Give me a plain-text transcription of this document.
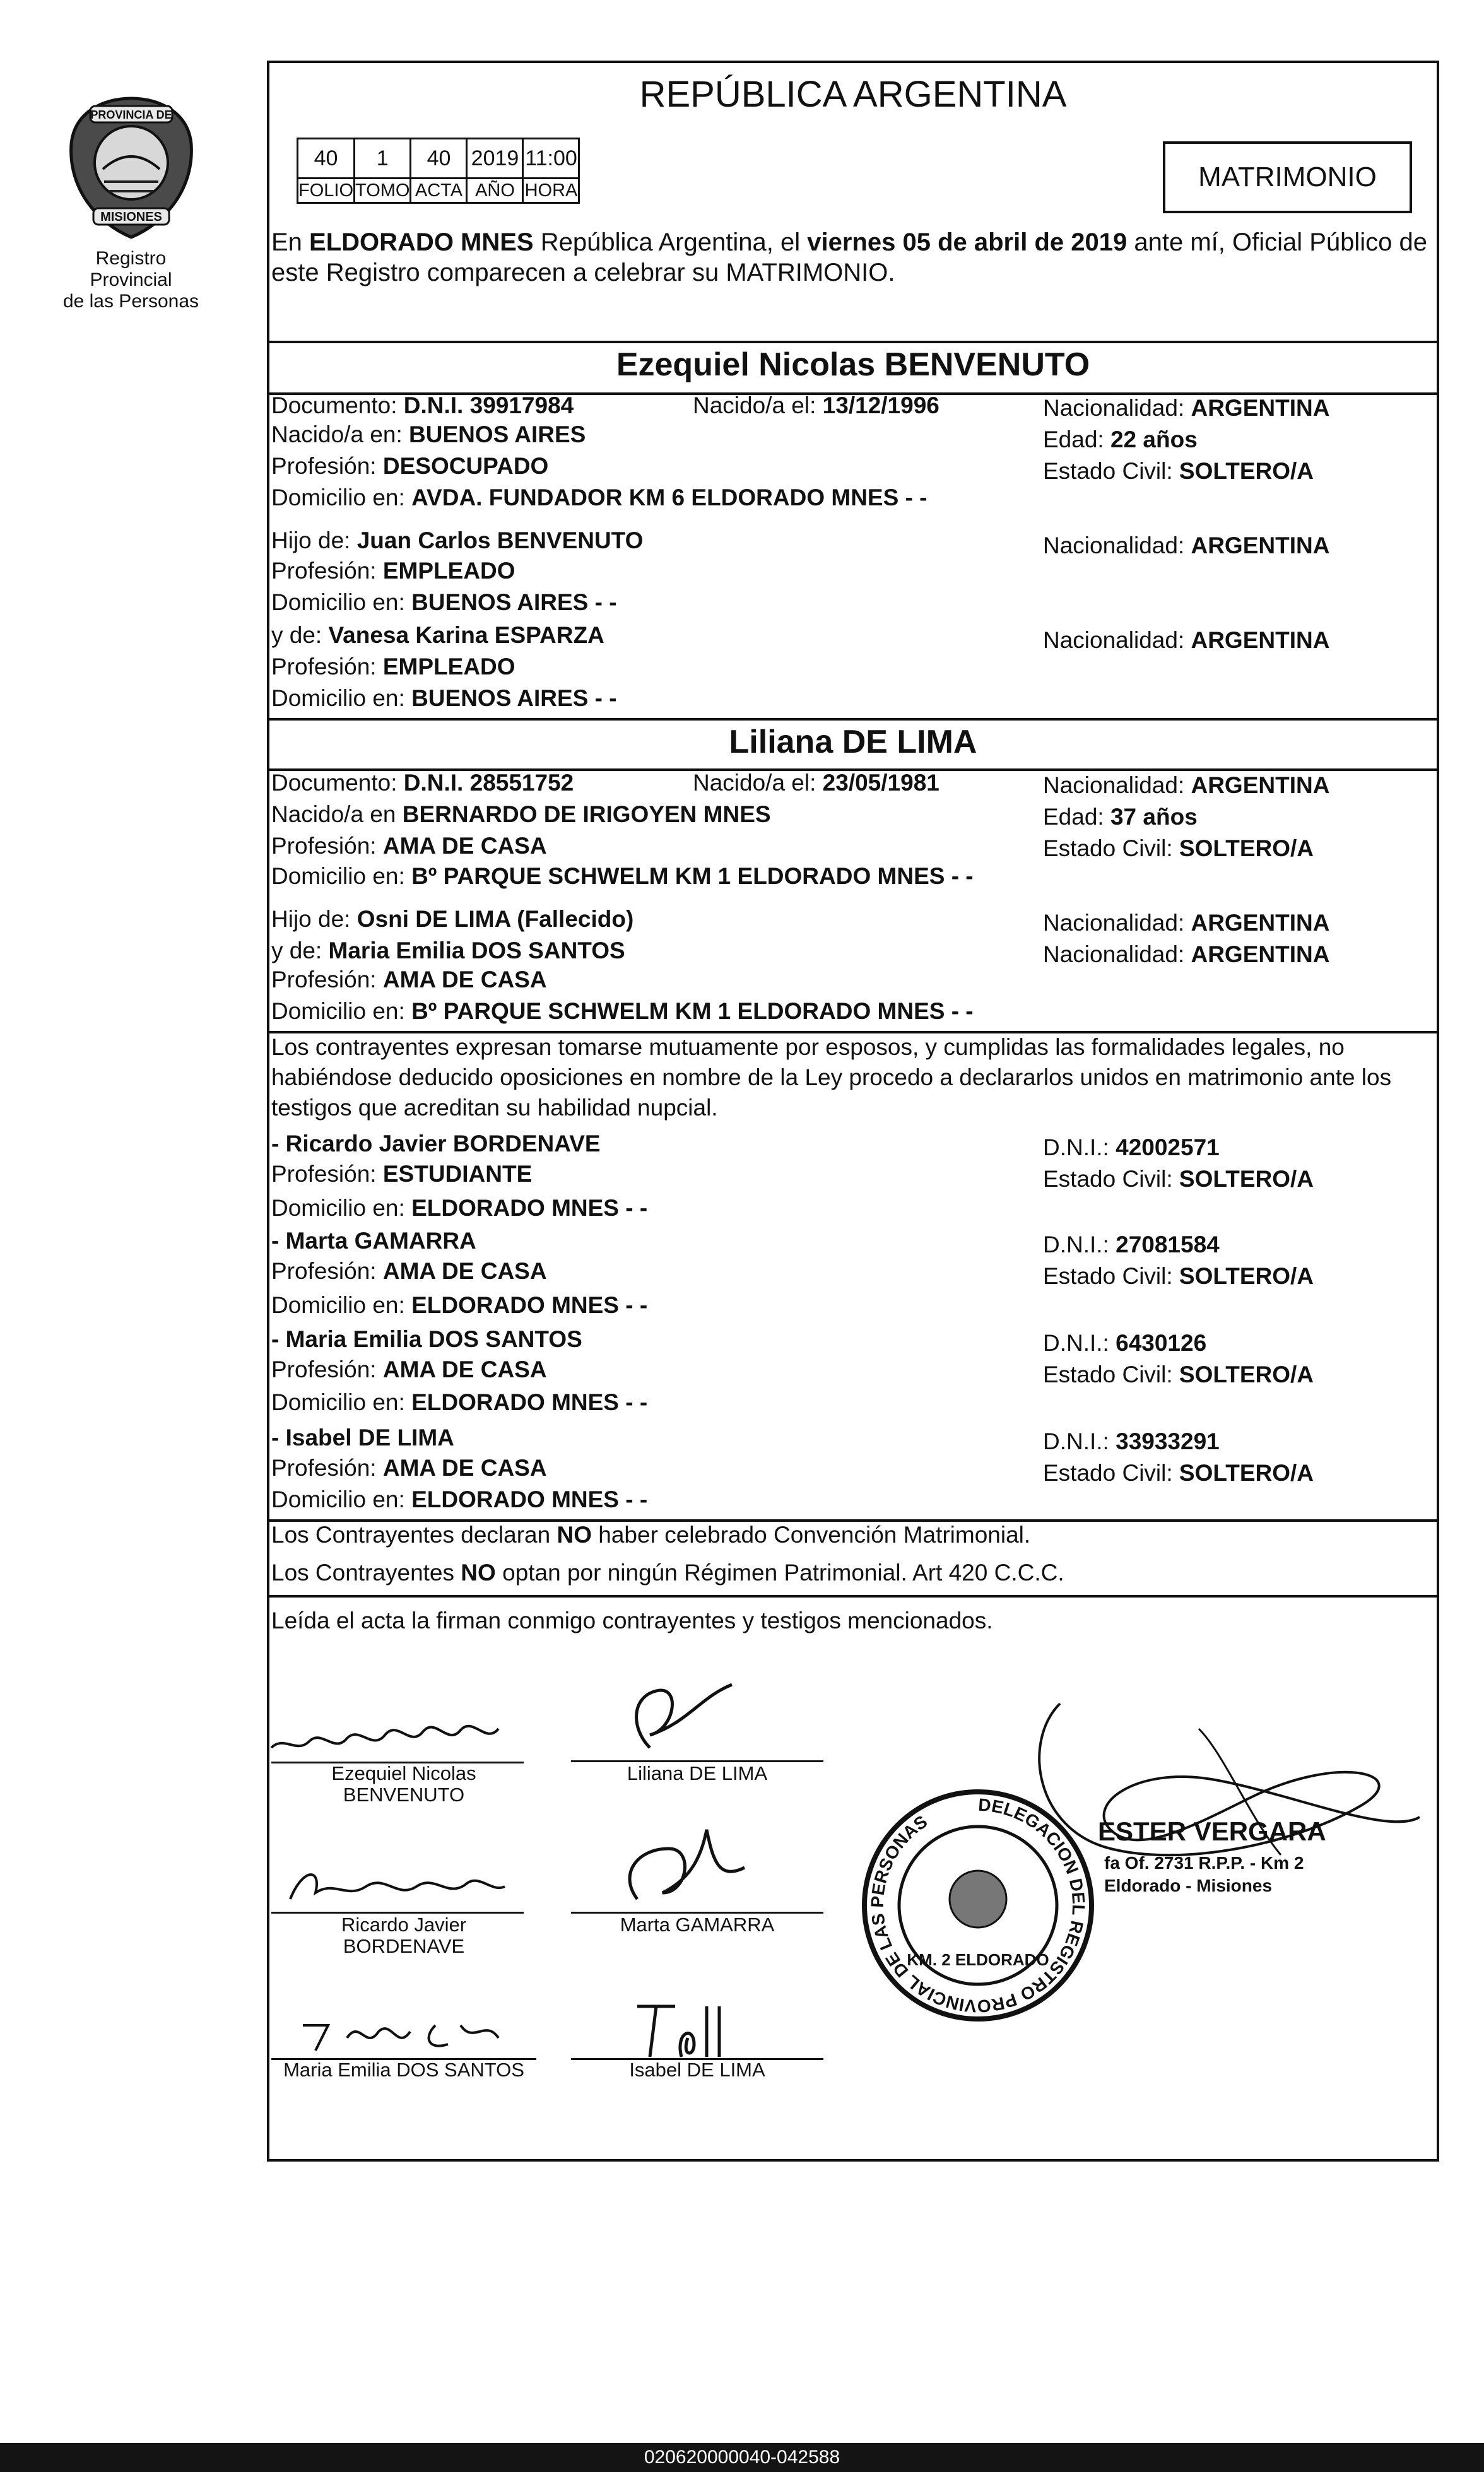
PROVINCIA DE
MISIONES
Registro Provincial
de las Personas
REPÚBLICA ARGENTINA
40	1	40	2019	11:00
FOLIO	TOMO	ACTA	AÑO	HORA	MATRIMONIO
En ELDORADO MNES República Argentina, el viernes 05 de abril de 2019 ante mí, Oficial Público de este Registro comparecen a celebrar su MATRIMONIO.
Ezequiel Nicolas BENVENUTO
Documento: D.N.I. 39917984	Nacido/a el: 13/12/1996	Nacionalidad: ARGENTINA
Nacido/a en: BUENOS AIRES	Edad: 22 años
Profesión: DESOCUPADO	Estado Civil: SOLTERO/A
Domicilio en: AVDA. FUNDADOR KM 6 ELDORADO MNES - -
Hijo de: Juan Carlos BENVENUTO	Nacionalidad: ARGENTINA
Profesión: EMPLEADO
Domicilio en: BUENOS AIRES - -
y de: Vanesa Karina ESPARZA	Nacionalidad: ARGENTINA
Profesión: EMPLEADO
Domicilio en: BUENOS AIRES - -
Liliana DE LIMA
Documento: D.N.I. 28551752	Nacido/a el: 23/05/1981	Nacionalidad: ARGENTINA
Nacido/a en BERNARDO DE IRIGOYEN MNES	Edad: 37 años
Profesión: AMA DE CASA	Estado Civil: SOLTERO/A
Domicilio en: Bº PARQUE SCHWELM KM 1 ELDORADO MNES - -
Hijo de: Osni DE LIMA (Fallecido)	Nacionalidad: ARGENTINA
y de: Maria Emilia DOS SANTOS	Nacionalidad: ARGENTINA
Profesión: AMA DE CASA
Domicilio en: Bº PARQUE SCHWELM KM 1 ELDORADO MNES - -
Los contrayentes expresan tomarse mutuamente por esposos, y cumplidas las formalidades legales, no habiéndose deducido oposiciones en nombre de la Ley procedo a declararlos unidos en matrimonio ante los testigos que acreditan su habilidad nupcial.
- Ricardo Javier BORDENAVE	D.N.I.: 42002571
Profesión: ESTUDIANTE	Estado Civil: SOLTERO/A
Domicilio en: ELDORADO MNES - -
- Marta GAMARRA	D.N.I.: 27081584
Profesión: AMA DE CASA	Estado Civil: SOLTERO/A
Domicilio en: ELDORADO MNES - -
- Maria Emilia DOS SANTOS	D.N.I.: 6430126
Profesión: AMA DE CASA	Estado Civil: SOLTERO/A
Domicilio en: ELDORADO MNES - -
- Isabel DE LIMA	D.N.I.: 33933291
Profesión: AMA DE CASA	Estado Civil: SOLTERO/A
Domicilio en: ELDORADO MNES - -
Los Contrayentes declaran NO haber celebrado Convención Matrimonial.
Los Contrayentes NO optan por ningún Régimen Patrimonial. Art 420 C.C.C.
Leída el acta la firman conmigo contrayentes y testigos mencionados.
Ezequiel Nicolas
BENVENUTO
Liliana DE LIMA
Ricardo Javier
BORDENAVE
Marta GAMARRA
Maria Emilia DOS SANTOS	Isabel DE LIMA
DELEGACION DEL REGISTRO PROVINCIAL DE LAS PERSONAS
KM. 2 ELDORADO
ESTER VERGARA
fa Of. 2731 R.P.P. - Km 2
Eldorado - Misiones
020620000040-042588
